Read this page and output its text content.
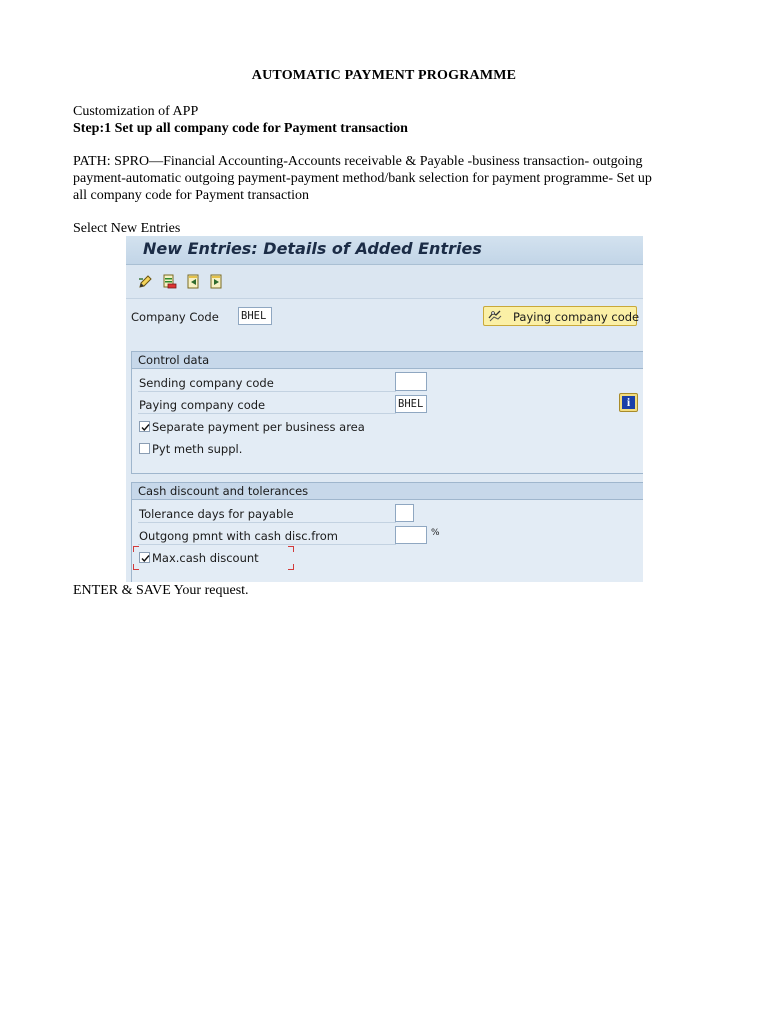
AUTOMATIC PAYMENT PROGRAMME
Customization of APP
Step:1 Set up all company code for Payment transaction
PATH: SPRO—Financial Accounting-Accounts receivable & Payable -business transaction- outgoing payment-automatic outgoing payment-payment method/bank selection for payment programme- Set up all company code for Payment transaction
Select New Entries
New Entries: Details of Added Entries
Company Code BHEL	Paying company code
Control data
Sending company code
Paying company code	BHEL	i
Separate payment per business area
Pyt meth suppl.
Cash discount and tolerances
Tolerance days for payable
Outgong pmnt with cash disc.from	%
Max.cash discount
ENTER & SAVE Your request.
